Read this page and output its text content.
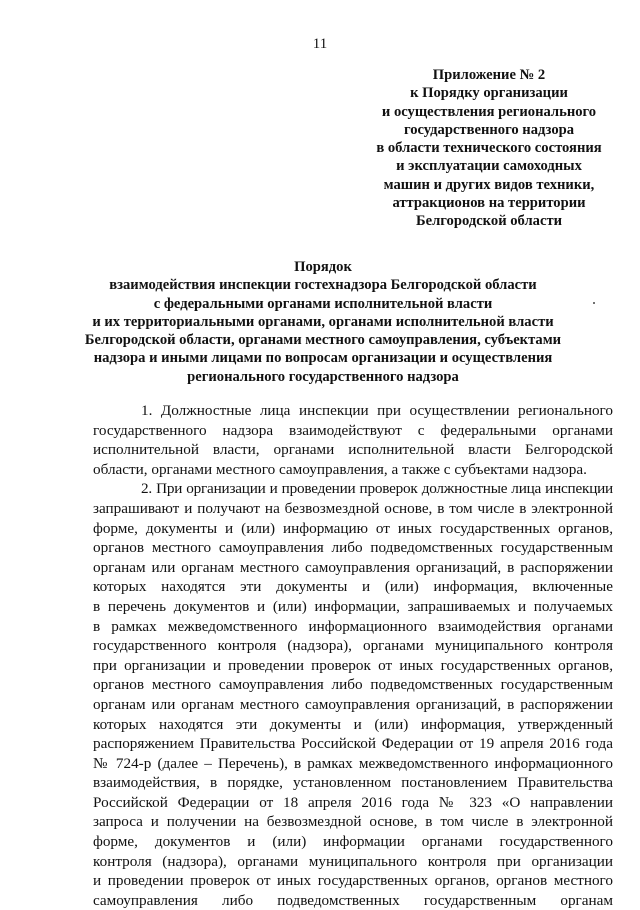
11
Приложение № 2
к Порядку организации
и осуществления регионального
государственного надзора
в области технического состояния
и эксплуатации самоходных
машин и других видов техники,
аттракционов на территории
Белгородской области
Порядок
взаимодействия инспекции гостехнадзора Белгородской области
с федеральными органами исполнительной власти
и их территориальными органами, органами исполнительной власти
Белгородской области, органами местного самоуправления, субъектами
надзора и иными лицами по вопросам организации и осуществления
регионального государственного надзора
1. Должностные лица инспекции при осуществлении регионального
государственного надзора взаимодействуют с федеральными органами
исполнительной власти, органами исполнительной власти Белгородской
области, органами местного самоуправления, а также с субъектами надзора.
2. При организации и проведении проверок должностные лица инспекции
запрашивают и получают на безвозмездной основе, в том числе в электронной
форме, документы и (или) информацию от иных государственных органов,
органов местного самоуправления либо подведомственных государственным
органам или органам местного самоуправления организаций, в распоряжении
которых находятся эти документы и (или) информация, включенные
в перечень документов и (или) информации, запрашиваемых и получаемых
в рамках межведомственного информационного взаимодействия органами
государственного контроля (надзора), органами муниципального контроля
при организации и проведении проверок от иных государственных органов,
органов местного самоуправления либо подведомственных государственным
органам или органам местного самоуправления организаций, в распоряжении
которых находятся эти документы и (или) информация, утвержденный
распоряжением Правительства Российской Федерации от 19 апреля 2016 года
№ 724-р (далее – Перечень), в рамках межведомственного информационного
взаимодействия, в порядке, установленном постановлением Правительства
Российской Федерации от 18 апреля 2016 года № 323 «О направлении
запроса и получении на безвозмездной основе, в том числе в электронной
форме, документов и (или) информации органами государственного
контроля (надзора), органами муниципального контроля при организации
и проведении проверок от иных государственных органов, органов местного
самоуправления либо подведомственных государственным органам
